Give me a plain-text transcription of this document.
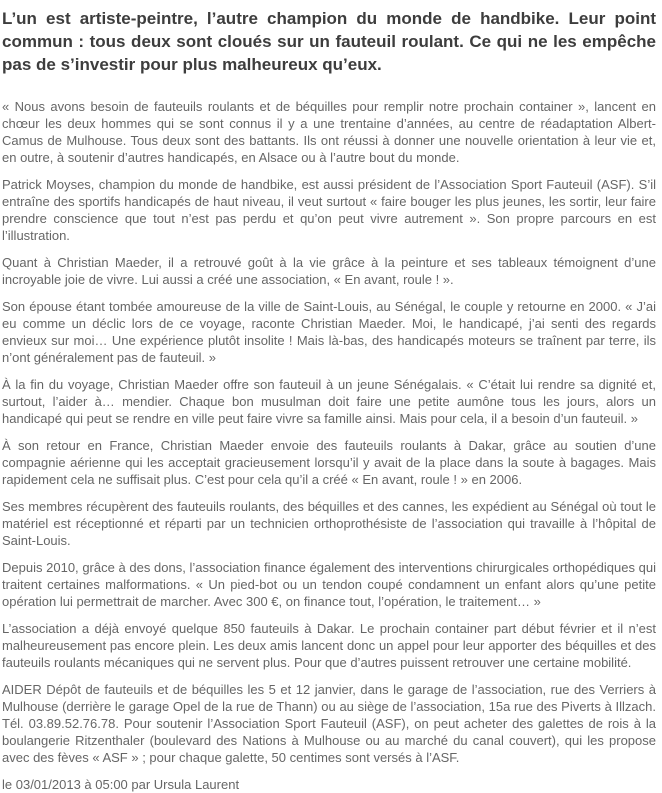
L’un est artiste-peintre, l’autre champion du monde de handbike. Leur point commun : tous deux sont cloués sur un fauteuil roulant. Ce qui ne les empêche pas de s’investir pour plus malheureux qu’eux.

« Nous avons besoin de fauteuils roulants et de béquilles pour remplir notre prochain container », lancent en chœur les deux hommes qui se sont connus il y a une trentaine d’années, au centre de réadaptation Albert-Camus de Mulhouse. Tous deux sont des battants. Ils ont réussi à donner une nouvelle orientation à leur vie et, en outre, à soutenir d’autres handicapés, en Alsace ou à l’autre bout du monde.

Patrick Moyses, champion du monde de handbike, est aussi président de l’Association Sport Fauteuil (ASF). S’il entraîne des sportifs handicapés de haut niveau, il veut surtout « faire bouger les plus jeunes, les sortir, leur faire prendre conscience que tout n’est pas perdu et qu’on peut vivre autrement ». Son propre parcours en est l’illustration.

Quant à Christian Maeder, il a retrouvé goût à la vie grâce à la peinture et ses tableaux témoignent d’une incroyable joie de vivre. Lui aussi a créé une association, « En avant, roule ! ».

Son épouse étant tombée amoureuse de la ville de Saint-Louis, au Sénégal, le couple y retourne en 2000. « J’ai eu comme un déclic lors de ce voyage, raconte Christian Maeder. Moi, le handicapé, j’ai senti des regards envieux sur moi… Une expérience plutôt insolite ! Mais là-bas, des handicapés moteurs se traînent par terre, ils n’ont généralement pas de fauteuil. »

À la fin du voyage, Christian Maeder offre son fauteuil à un jeune Sénégalais. « C’était lui rendre sa dignité et, surtout, l’aider à… mendier. Chaque bon musulman doit faire une petite aumône tous les jours, alors un handicapé qui peut se rendre en ville peut faire vivre sa famille ainsi. Mais pour cela, il a besoin d’un fauteuil. »

À son retour en France, Christian Maeder envoie des fauteuils roulants à Dakar, grâce au soutien d’une compagnie aérienne qui les acceptait gracieusement lorsqu’il y avait de la place dans la soute à bagages. Mais rapidement cela ne suffisait plus. C’est pour cela qu’il a créé « En avant, roule ! » en 2006.

Ses membres récupèrent des fauteuils roulants, des béquilles et des cannes, les expédient au Sénégal où tout le matériel est réceptionné et réparti par un technicien orthoprothésiste de l’association qui travaille à l’hôpital de Saint-Louis.

Depuis 2010, grâce à des dons, l’association finance également des interventions chirurgicales orthopédiques qui traitent certaines malformations. « Un pied-bot ou un tendon coupé condamnent un enfant alors qu’une petite opération lui permettrait de marcher. Avec 300 €, on finance tout, l’opération, le traitement… »

L’association a déjà envoyé quelque 850 fauteuils à Dakar. Le prochain container part début février et il n’est malheureusement pas encore plein. Les deux amis lancent donc un appel pour leur apporter des béquilles et des fauteuils roulants mécaniques qui ne servent plus. Pour que d’autres puissent retrouver une certaine mobilité.

AIDER Dépôt de fauteuils et de béquilles les 5 et 12 janvier, dans le garage de l’association, rue des Verriers à Mulhouse (derrière le garage Opel de la rue de Thann) ou au siège de l’association, 15a rue des Piverts à Illzach. Tél. 03.89.52.76.78. Pour soutenir l’Association Sport Fauteuil (ASF), on peut acheter des galettes de rois à la boulangerie Ritzenthaler (boulevard des Nations à Mulhouse ou au marché du canal couvert), qui les propose avec des fèves « ASF » ; pour chaque galette, 50 centimes sont versés à l’ASF.

le 03/01/2013 à 05:00 par Ursula Laurent
